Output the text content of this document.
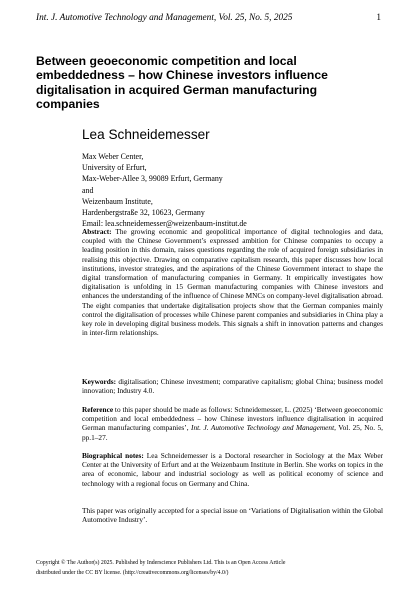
Int. J. Automotive Technology and Management, Vol. 25, No. 5, 2025	1
Between geoeconomic competition and local embeddedness – how Chinese investors influence digitalisation in acquired German manufacturing companies
Lea Schneidemesser
Max Weber Center,
University of Erfurt,
Max-Weber-Allee 3, 99089 Erfurt, Germany
and
Weizenbaum Institute,
Hardenbergstraße 32, 10623, Germany
Email: lea.schneidemesser@weizenbaum-institut.de
Abstract: The growing economic and geopolitical importance of digital technologies and data, coupled with the Chinese Government’s expressed ambition for Chinese companies to occupy a leading position in this domain, raises questions regarding the role of acquired foreign subsidiaries in realising this objective. Drawing on comparative capitalism research, this paper discusses how local institutions, investor strategies, and the aspirations of the Chinese Government interact to shape the digital transformation of manufacturing companies in Germany. It empirically investigates how digitalisation is unfolding in 15 German manufacturing companies with Chinese investors and enhances the understanding of the influence of Chinese MNCs on company-level digitalisation abroad. The eight companies that undertake digitalisation projects show that the German companies mainly control the digitalisation of processes while Chinese parent companies and subsidiaries in China play a key role in developing digital business models. This signals a shift in innovation patterns and changes in inter-firm relationships.
Keywords: digitalisation; Chinese investment; comparative capitalism; global China; business model innovation; Industry 4.0.
Reference to this paper should be made as follows: Schneidemesser, L. (2025) ‘Between geoeconomic competition and local embeddedness – how Chinese investors influence digitalisation in acquired German manufacturing companies’, Int. J. Automotive Technology and Management, Vol. 25, No. 5, pp.1–27.
Biographical notes: Lea Schneidemesser is a Doctoral researcher in Sociology at the Max Weber Center at the University of Erfurt and at the Weizenbaum Institute in Berlin. She works on topics in the area of economic, labour and industrial sociology as well as political economy of science and technology with a regional focus on Germany and China.
This paper was originally accepted for a special issue on ‘Variations of Digitalisation within the Global Automotive Industry’.
Copyright © The Author(s) 2025. Published by Inderscience Publishers Ltd. This is an Open Access Article
distributed under the CC BY license. (http://creativecommons.org/licenses/by/4.0/)
